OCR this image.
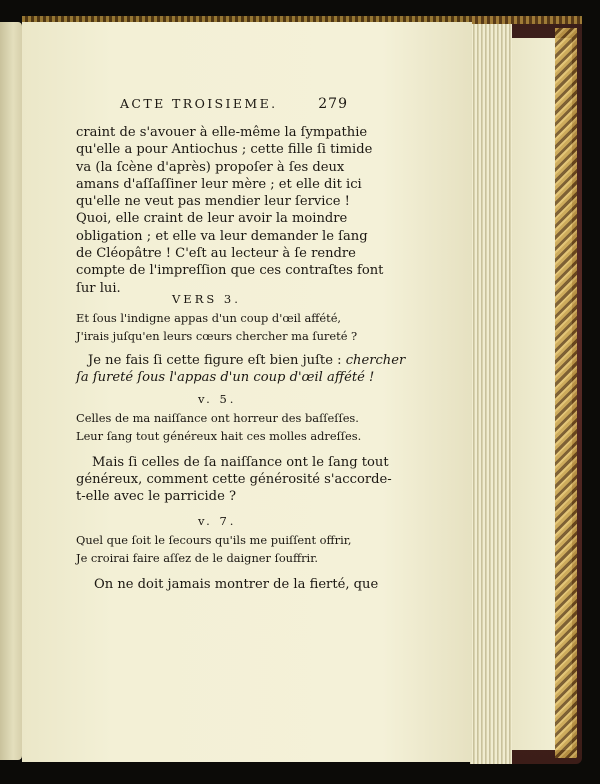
ACTE TROISIEME.	279
craint de s'avouer à elle-même la ſympathie
qu'elle a pour Antiochus ; cette fille ſi timide
va (la ſcène d'après) propoſer à ſes deux
amans d'aſſaſſiner leur mère ; et elle dit ici
qu'elle ne veut pas mendier leur ſervice !
Quoi, elle craint de leur avoir la moindre
obligation ; et elle va leur demander le ſang
de Cléopâtre ! C'eſt au lecteur à ſe rendre
compte de l'impreſſion que ces contraſtes font
ſur lui.
VERS 3.
Et ſous l'indigne appas d'un coup d'œil affété,
J'irais juſqu'en leurs cœurs chercher ma ſureté ?
Je ne fais ſi cette figure eſt bien juſte : chercher
ſa ſureté ſous l'appas d'un coup d'œil affété !
v. 5.
Celles de ma naiſſance ont horreur des baſſeſſes.
Leur ſang tout généreux hait ces molles adreſſes.
Mais ſi celles de ſa naiſſance ont le ſang tout
généreux, comment cette générosité s'accorde-
t-elle avec le parricide ?
v. 7.
Quel que ſoit le ſecours qu'ils me puiſſent offrir,
Je croirai faire aſſez de le daigner ſouffrir.
On ne doit jamais montrer de la fierté, que
